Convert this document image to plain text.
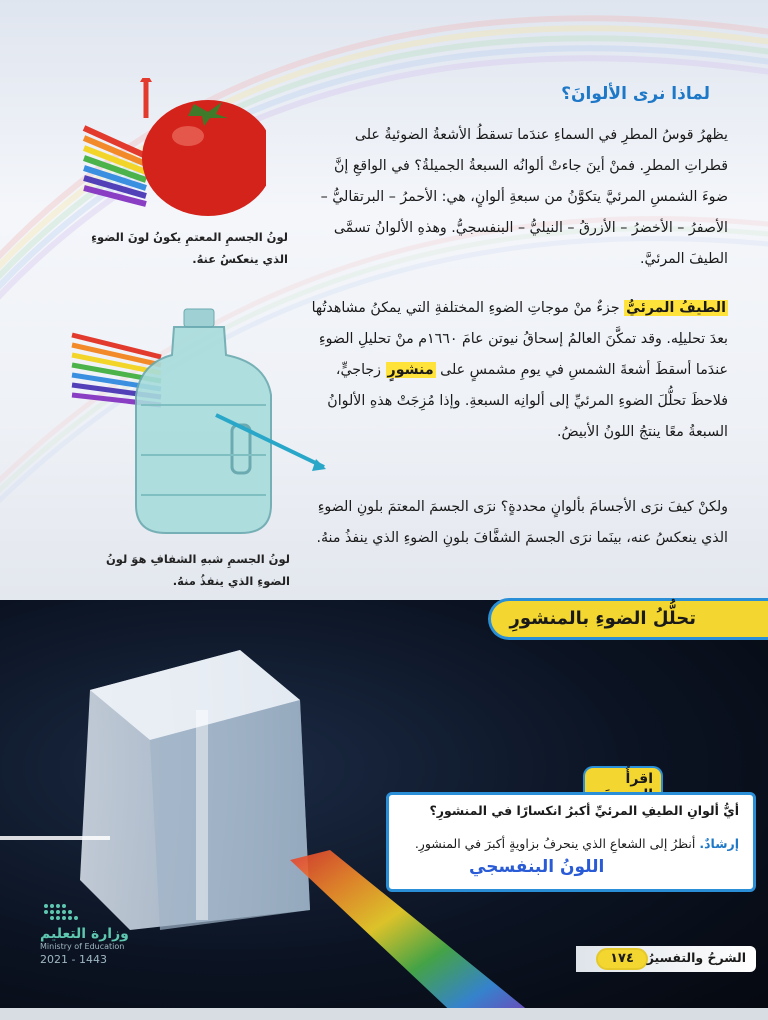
لونُ الجسمِ المعتمِ يكونُ لونَ الضوءِ الذي ينعكسُ عنهُ.
لونُ الجسمِ شبهِ الشفافِ هوَ لونُ الضوءِ الذي ينفذُ منهُ.
لماذا نرى الألوانَ؟
يظهرُ قوسُ المطرِ في السماءِ عندَما تسقطُ الأشعةُ الضوئيةُ على قطراتِ المطرِ. فمنْ أينَ جاءتْ ألوانُه السبعةُ الجميلةُ؟ في الواقعِ إنَّ ضوءَ الشمسِ المرئيَّ يتكوَّنُ من سبعةِ ألوانٍ، هي: الأحمرُ – البرتقاليُّ – الأصفرُ – الأخضرُ – الأزرقُ – النيليُّ – البنفسجيُّ. وهذهِ الألوانُ تسمَّى الطيفَ المرئيَّ.
الطيفُ المرئيُّ جزءٌ منْ موجاتِ الضوءِ المختلفةِ التي يمكنُ مشاهدتُها بعدَ تحليلِه. وقد تمكَّنَ العالمُ إسحاقُ نيوتن عامَ ١٦٦٠م منْ تحليلِ الضوءِ عندَما أسقطَ أشعةَ الشمسِ في يومِ مشمسٍ على منشورٍ زجاجيٍّ، فلاحظَ تحلُّلَ الضوءِ المرئيِّ إلى ألوانِه السبعةِ. وإذا مُزِجَتْ هذهِ الألوانُ السبعةُ معًا ينتجُ اللونُ الأبيضُ.
ولكنْ كيفَ نرَى الأجسامَ بألوانٍ محددةٍ؟ نرَى الجسمَ المعتمَ بلونِ الضوءِ الذي ينعكسُ عنه، بينَما نرَى الجسمَ الشفَّافَ بلونِ الضوءِ الذي ينفذُ منهُ.
تحلُّلُ الضوءِ بالمنشورِ
اقرأُ
أيُّ ألوانِ الطيفِ المرئيِّ أكبرُ انكسارًا في المنشورِ؟
إرشادٌ. أنظرُ إلى الشعاعِ الذي ينحرفُ بزاويةٍ أكبرَ في المنشورِ.
اللونُ البنفسجي
وزارة التعليم
Ministry of Education
2021 - 1443	١٧٤	الشرحُ والتفسيرُ
